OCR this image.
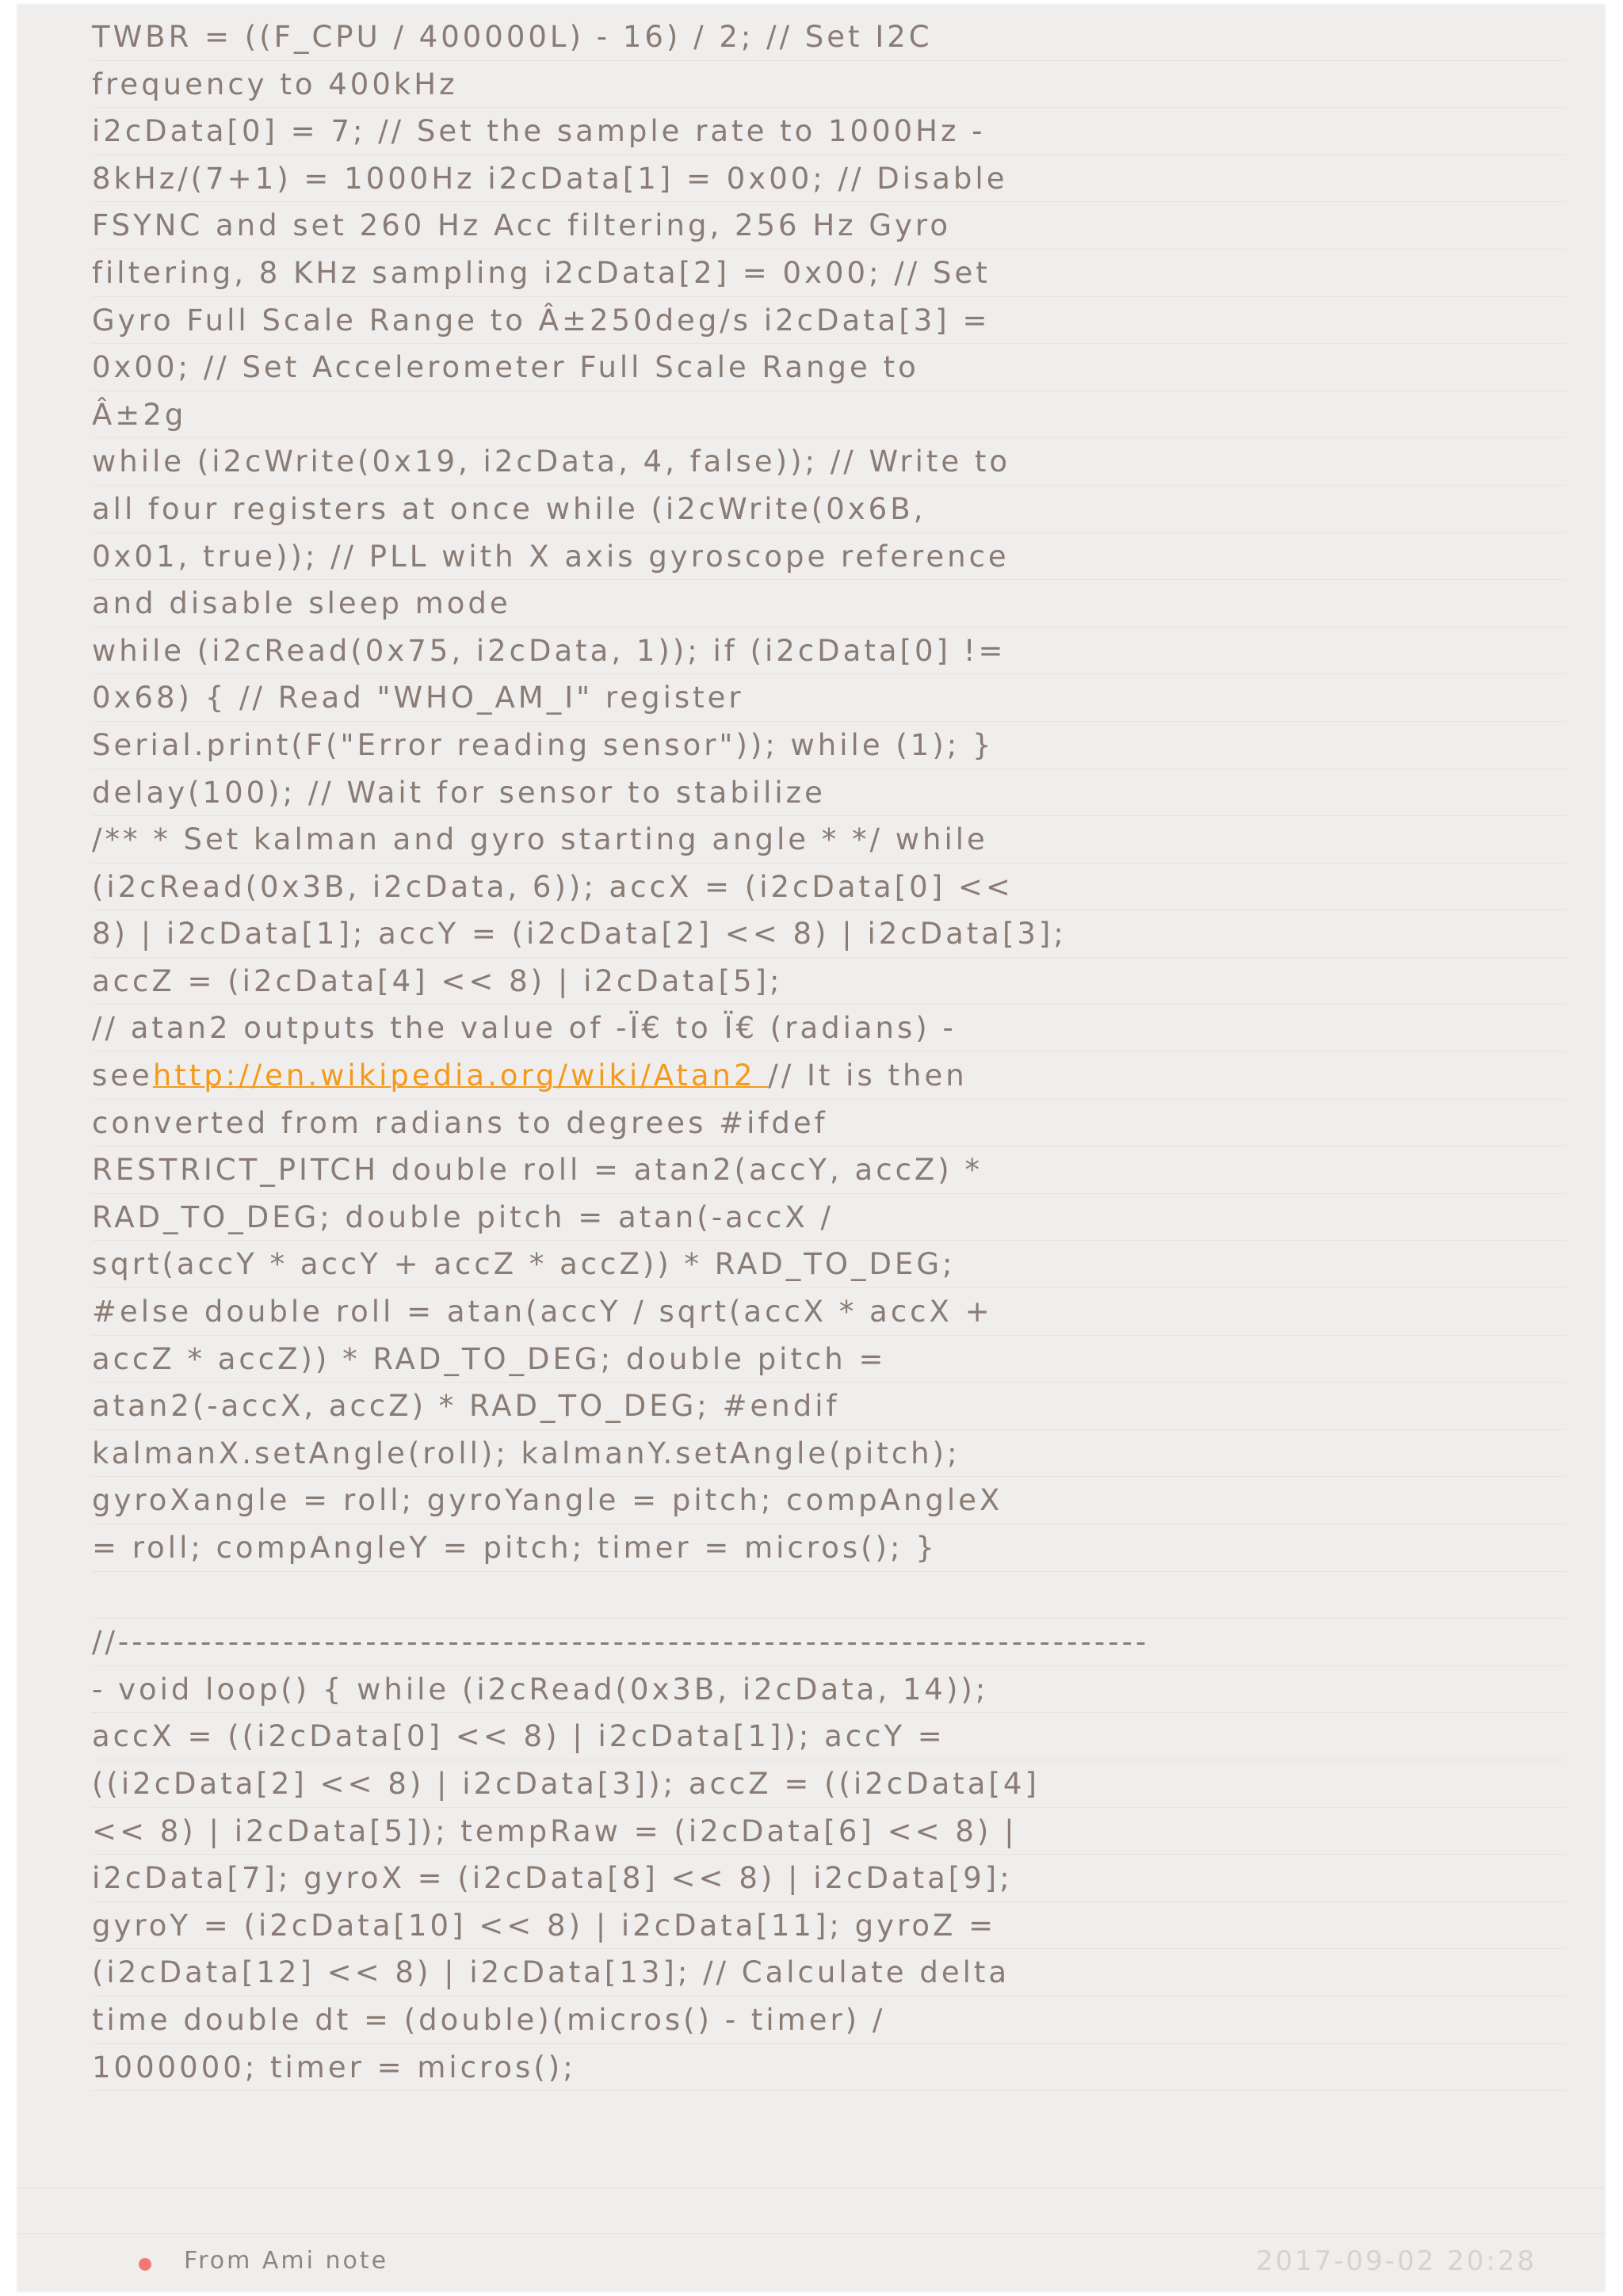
TWBR = ((F_CPU / 400000L) - 16) / 2; // Set I2C
frequency to 400kHz
i2cData[0] = 7; // Set the sample rate to 1000Hz -
8kHz/(7+1) = 1000Hz i2cData[1] = 0x00; // Disable
FSYNC and set 260 Hz Acc filtering, 256 Hz Gyro
filtering, 8 KHz sampling i2cData[2] = 0x00; // Set
Gyro Full Scale Range to Â±250deg/s i2cData[3] =
0x00; // Set Accelerometer Full Scale Range to
Â±2g
while (i2cWrite(0x19, i2cData, 4, false)); // Write to
all four registers at once while (i2cWrite(0x6B,
0x01, true)); // PLL with X axis gyroscope reference
and disable sleep mode
while (i2cRead(0x75, i2cData, 1)); if (i2cData[0] !=
0x68) { // Read "WHO_AM_I" register
Serial.print(F("Error reading sensor")); while (1); }
delay(100); // Wait for sensor to stabilize
/** * Set kalman and gyro starting angle * */ while
(i2cRead(0x3B, i2cData, 6)); accX = (i2cData[0] <<
8) | i2cData[1]; accY = (i2cData[2] << 8) | i2cData[3];
accZ = (i2cData[4] << 8) | i2cData[5];
// atan2 outputs the value of -Ï€ to Ï€ (radians) -
seehttp://en.wikipedia.org/wiki/Atan2 // It is then
converted from radians to degrees #ifdef
RESTRICT_PITCH double roll = atan2(accY, accZ) *
RAD_TO_DEG; double pitch = atan(-accX /
sqrt(accY * accY + accZ * accZ)) * RAD_TO_DEG;
#else double roll = atan(accY / sqrt(accX * accX +
accZ * accZ)) * RAD_TO_DEG; double pitch =
atan2(-accX, accZ) * RAD_TO_DEG; #endif
kalmanX.setAngle(roll); kalmanY.setAngle(pitch);
gyroXangle = roll; gyroYangle = pitch; compAngleX
= roll; compAngleY = pitch; timer = micros(); }
//---------------------------------------------------------------------------
- void loop() { while (i2cRead(0x3B, i2cData, 14));
accX = ((i2cData[0] << 8) | i2cData[1]); accY =
((i2cData[2] << 8) | i2cData[3]); accZ = ((i2cData[4]
<< 8) | i2cData[5]); tempRaw = (i2cData[6] << 8) |
i2cData[7]; gyroX = (i2cData[8] << 8) | i2cData[9];
gyroY = (i2cData[10] << 8) | i2cData[11]; gyroZ =
(i2cData[12] << 8) | i2cData[13]; // Calculate delta
time double dt = (double)(micros() - timer) /
1000000; timer = micros();
From Ami note	2017-09-02 20:28
